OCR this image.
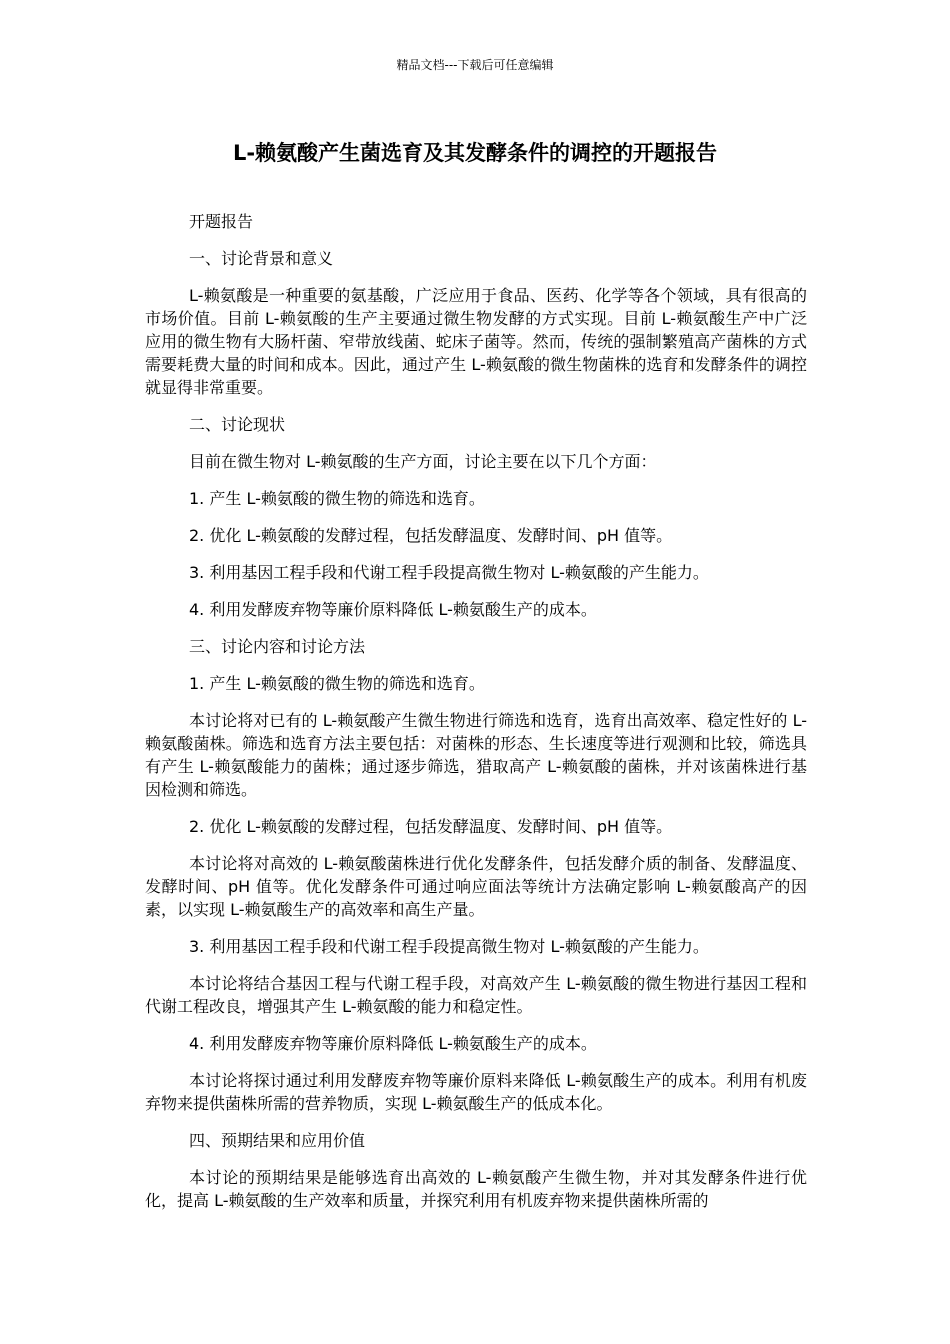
精品文档---下载后可任意编辑
L-赖氨酸产生菌选育及其发酵条件的调控的开题报告

开题报告

一、讨论背景和意义

L-赖氨酸是一种重要的氨基酸，广泛应用于食品、医药、化学等各个领域，具有很高的市场价值。目前 L-赖氨酸的生产主要通过微生物发酵的方式实现。目前 L-赖氨酸生产中广泛应用的微生物有大肠杆菌、窄带放线菌、蛇床子菌等。然而，传统的强制繁殖高产菌株的方式需要耗费大量的时间和成本。因此，通过产生 L-赖氨酸的微生物菌株的选育和发酵条件的调控就显得非常重要。

二、讨论现状

目前在微生物对 L-赖氨酸的生产方面，讨论主要在以下几个方面：

1. 产生 L-赖氨酸的微生物的筛选和选育。

2. 优化 L-赖氨酸的发酵过程，包括发酵温度、发酵时间、pH 值等。

3. 利用基因工程手段和代谢工程手段提高微生物对 L-赖氨酸的产生能力。

4. 利用发酵废弃物等廉价原料降低 L-赖氨酸生产的成本。

三、讨论内容和讨论方法

1. 产生 L-赖氨酸的微生物的筛选和选育。

本讨论将对已有的 L-赖氨酸产生微生物进行筛选和选育，选育出高效率、稳定性好的 L-赖氨酸菌株。筛选和选育方法主要包括：对菌株的形态、生长速度等进行观测和比较，筛选具有产生 L-赖氨酸能力的菌株；通过逐步筛选，猎取高产 L-赖氨酸的菌株，并对该菌株进行基因检测和筛选。

2. 优化 L-赖氨酸的发酵过程，包括发酵温度、发酵时间、pH 值等。

本讨论将对高效的 L-赖氨酸菌株进行优化发酵条件，包括发酵介质的制备、发酵温度、发酵时间、pH 值等。优化发酵条件可通过响应面法等统计方法确定影响 L-赖氨酸高产的因素，以实现 L-赖氨酸生产的高效率和高生产量。

3. 利用基因工程手段和代谢工程手段提高微生物对 L-赖氨酸的产生能力。

本讨论将结合基因工程与代谢工程手段，对高效产生 L-赖氨酸的微生物进行基因工程和代谢工程改良，增强其产生 L-赖氨酸的能力和稳定性。

4. 利用发酵废弃物等廉价原料降低 L-赖氨酸生产的成本。

本讨论将探讨通过利用发酵废弃物等廉价原料来降低 L-赖氨酸生产的成本。利用有机废弃物来提供菌株所需的营养物质，实现 L-赖氨酸生产的低成本化。

四、预期结果和应用价值

本讨论的预期结果是能够选育出高效的 L-赖氨酸产生微生物，并对其发酵条件进行优化，提高 L-赖氨酸的生产效率和质量，并探究利用有机废弃物来提供菌株所需的
